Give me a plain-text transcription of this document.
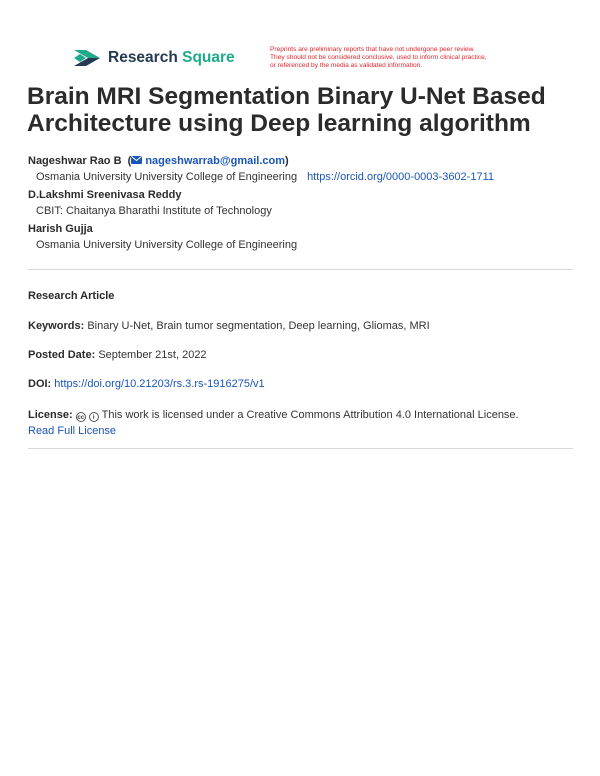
Research Square	Preprints are preliminary reports that have not undergone peer review.
They should not be considered conclusive, used to inform clinical practice,
or referenced by the media as validated information.
Brain MRI Segmentation Binary U-Net Based Architecture using Deep learning algorithm
Nageshwar Rao B  ( nageshwarrab@gmail.com)
Osmania University University College of Engineering https://orcid.org/0000-0003-3602-1711
D.Lakshmi Sreenivasa Reddy
CBIT: Chaitanya Bharathi Institute of Technology
Harish Gujja
Osmania University University College of Engineering
Research Article
Keywords: Binary U-Net, Brain tumor segmentation, Deep learning, Gliomas, MRI
Posted Date: September 21st, 2022
DOI: https://doi.org/10.21203/rs.3.rs-1916275/v1
License: cc i This work is licensed under a Creative Commons Attribution 4.0 International License.
Read Full License
